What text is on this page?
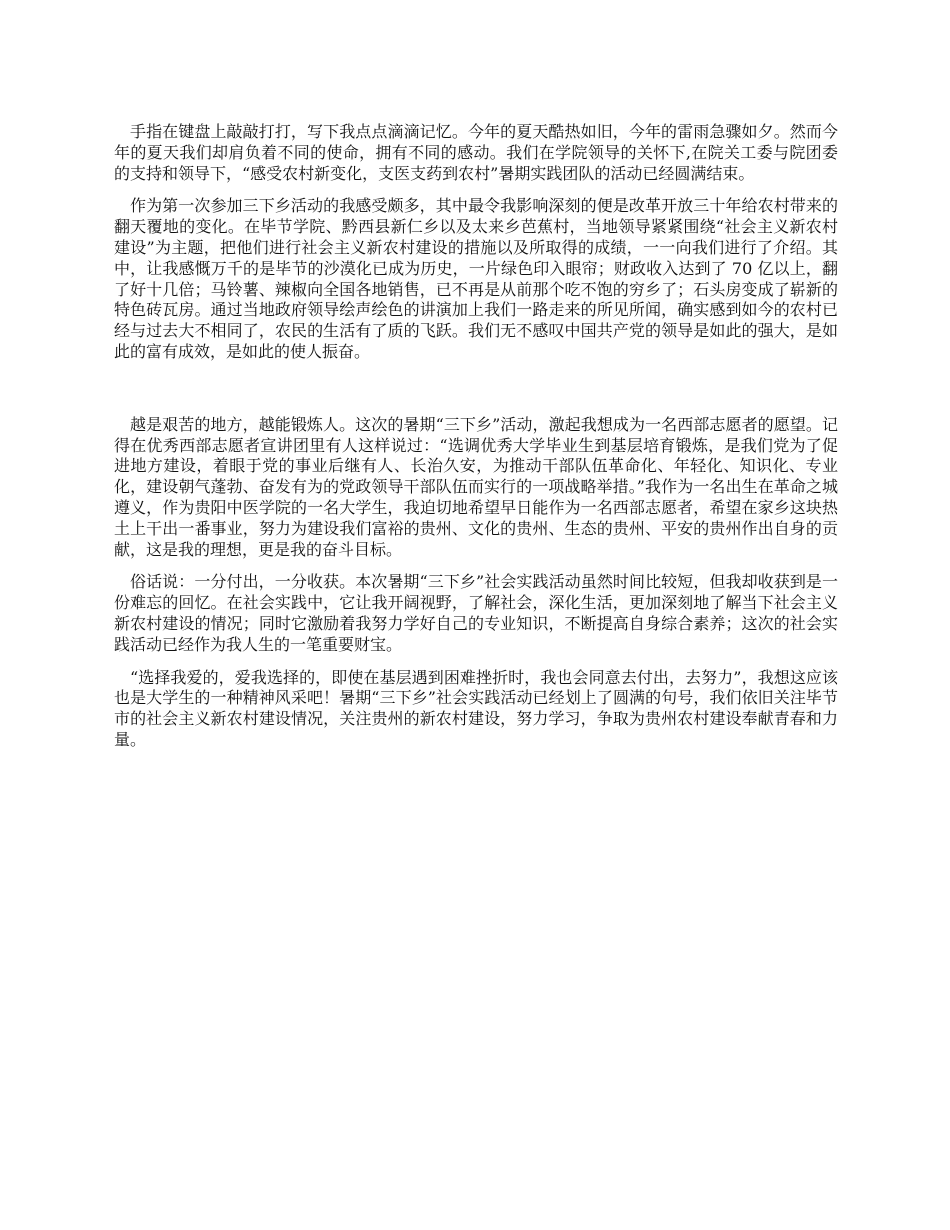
手指在键盘上敲敲打打，写下我点点滴滴记忆。今年的夏天酷热如旧，今年的雷雨急骤如夕。然而今年的夏天我们却肩负着不同的使命，拥有不同的感动。我们在学院领导的关怀下,在院关工委与院团委的支持和领导下，“感受农村新变化，支医支药到农村”暑期实践团队的活动已经圆满结束。

作为第一次参加三下乡活动的我感受颇多，其中最令我影响深刻的便是改革开放三十年给农村带来的翻天覆地的变化。在毕节学院、黔西县新仁乡以及太来乡芭蕉村，当地领导紧紧围绕“社会主义新农村建设”为主题，把他们进行社会主义新农村建设的措施以及所取得的成绩，一一向我们进行了介绍。其中，让我感慨万千的是毕节的沙漠化已成为历史，一片绿色印入眼帘；财政收入达到了 70 亿以上，翻了好十几倍；马铃薯、辣椒向全国各地销售，已不再是从前那个吃不饱的穷乡了；石头房变成了崭新的特色砖瓦房。通过当地政府领导绘声绘色的讲演加上我们一路走来的所见所闻，确实感到如今的农村已经与过去大不相同了，农民的生活有了质的飞跃。我们无不感叹中国共产党的领导是如此的强大，是如此的富有成效，是如此的使人振奋。

越是艰苦的地方，越能锻炼人。这次的暑期“三下乡”活动，激起我想成为一名西部志愿者的愿望。记得在优秀西部志愿者宣讲团里有人这样说过：“选调优秀大学毕业生到基层培育锻炼，是我们党为了促进地方建设，着眼于党的事业后继有人、长治久安，为推动干部队伍革命化、年轻化、知识化、专业化，建设朝气蓬勃、奋发有为的党政领导干部队伍而实行的一项战略举措。”我作为一名出生在革命之城遵义，作为贵阳中医学院的一名大学生，我迫切地希望早日能作为一名西部志愿者，希望在家乡这块热土上干出一番事业，努力为建设我们富裕的贵州、文化的贵州、生态的贵州、平安的贵州作出自身的贡献，这是我的理想，更是我的奋斗目标。

俗话说：一分付出，一分收获。本次暑期“三下乡”社会实践活动虽然时间比较短，但我却收获到是一份难忘的回忆。在社会实践中，它让我开阔视野，了解社会，深化生活，更加深刻地了解当下社会主义新农村建设的情况；同时它激励着我努力学好自己的专业知识，不断提高自身综合素养；这次的社会实践活动已经作为我人生的一笔重要财宝。

“选择我爱的，爱我选择的，即使在基层遇到困难挫折时，我也会同意去付出，去努力”，我想这应该也是大学生的一种精神风采吧！暑期“三下乡”社会实践活动已经划上了圆满的句号，我们依旧关注毕节市的社会主义新农村建设情况，关注贵州的新农村建设，努力学习，争取为贵州农村建设奉献青春和力量。
